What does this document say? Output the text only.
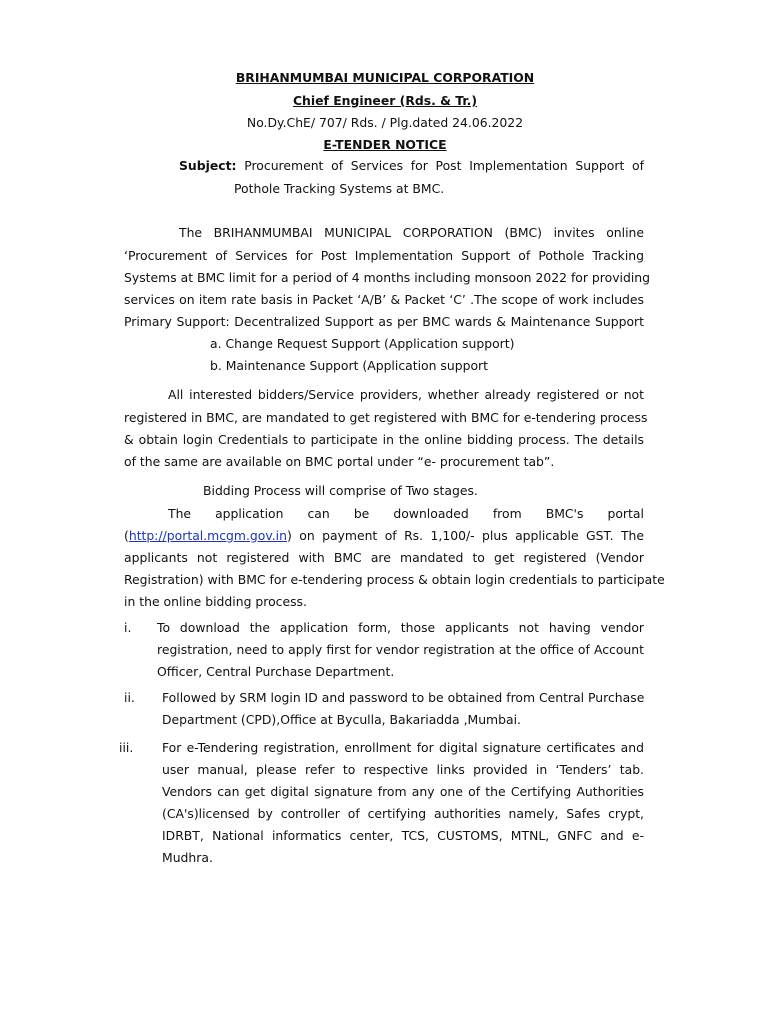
BRIHANMUMBAI MUNICIPAL CORPORATION
Chief Engineer (Rds. & Tr.)
No.Dy.ChE/ 707/ Rds. / Plg.dated 24.06.2022
E-TENDER NOTICE
Subject: Procurement of Services for Post Implementation Support of
Pothole Tracking Systems at BMC.
The BRIHANMUMBAI MUNICIPAL CORPORATION (BMC) invites online
‘Procurement of Services for Post Implementation Support of Pothole Tracking
Systems at BMC limit for a period of 4 months including monsoon 2022 for providing
services on item rate basis in Packet ‘A/B’ & Packet ‘C’ .The scope of work includes
Primary Support: Decentralized Support as per BMC wards & Maintenance Support
a. Change Request Support (Application support)
b. Maintenance Support (Application support
All interested bidders/Service providers, whether already registered or not
registered in BMC, are mandated to get registered with BMC for e-tendering process
& obtain login Credentials to participate in the online bidding process. The details
of the same are available on BMC portal under “e- procurement tab”.
Bidding Process will comprise of Two stages.
The application can be downloaded from BMC's portal
(http://portal.mcgm.gov.in) on payment of Rs. 1,100/- plus applicable GST. The
applicants not registered with BMC are mandated to get registered (Vendor
Registration) with BMC for e-tendering process & obtain login credentials to participate
in the online bidding process.
i. To download the application form, those applicants not having vendor
registration, need to apply first for vendor registration at the office of Account
Officer, Central Purchase Department.
ii. Followed by SRM login ID and password to be obtained from Central Purchase
Department (CPD),Office at Byculla, Bakariadda ,Mumbai.
iii. For e-Tendering registration, enrollment for digital signature certificates and
user manual, please refer to respective links provided in ‘Tenders’ tab.
Vendors can get digital signature from any one of the Certifying Authorities
(CA's)licensed by controller of certifying authorities namely, Safes crypt,
IDRBT, National informatics center, TCS, CUSTOMS, MTNL, GNFC and e-
Mudhra.
